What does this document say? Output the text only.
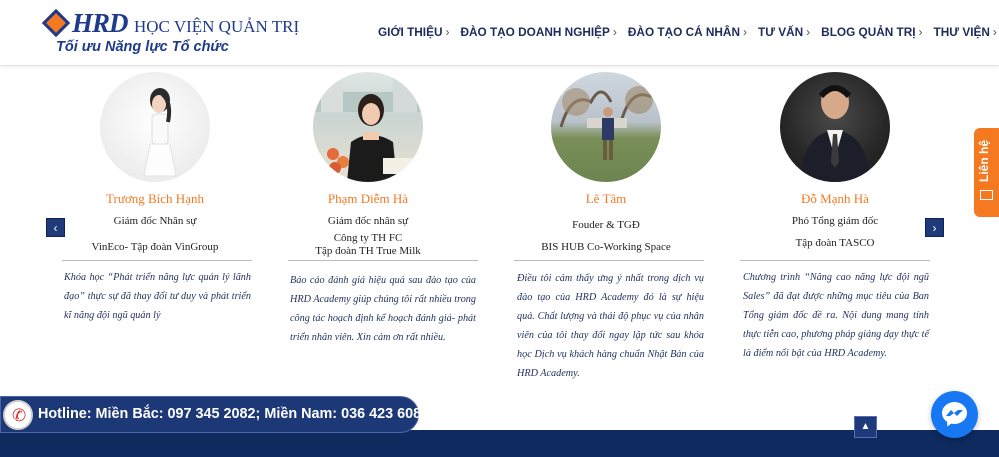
HRD HỌC VIỆN QUẢN TRỊ
Tối ưu Năng lực Tổ chức
GIỚI THIỆU › ĐÀO TẠO DOANH NGHIỆP › ĐÀO TẠO CÁ NHÂN › TƯ VẤN › BLOG QUẢN TRỊ › THƯ VIỆN ›
‹	›
Trương Bích Hạnh
Giám đốc Nhân sự
VinEco- Tập đoàn VinGroup
Phạm Diễm Hà
Giám đốc nhân sự
Công ty TH FC
Tập đoàn TH True Milk
Lê Tâm
Fouder & TGĐ
BIS HUB Co-Working Space
Đỗ Mạnh Hà
Phó Tổng giám đốc
Tập đoàn TASCO
Khóa học “Phát triển năng lực quản lý lãnh đạo” thực sự đã thay đổi tư duy và phát triển kĩ năng đội ngũ quản lý
Báo cáo đánh giá hiệu quả sau đào tạo của HRD Academy giúp chúng tôi rất nhiều trong công tác hoạch định kế hoạch đánh giá- phát triển nhân viên. Xin cảm ơn rất nhiều.
Điều tôi cảm thấy ưng ý nhất trong dịch vụ đào tạo của HRD Academy đó là sự hiệu quả. Chất lượng và thái độ phục vụ của nhân viên của tôi thay đổi ngay lập tức sau khóa học Dịch vụ khách hàng chuẩn Nhật Bản của HRD Academy.
Chương trình “Nâng cao năng lực đội ngũ Sales” đã đạt được những mục tiêu của Ban Tổng giám đốc đề ra. Nội dung mang tính thực tiễn cao, phương pháp giảng dạy thực tế là điểm nổi bật của HRD Academy.
Liên hệ
✆ Hotline: Miền Bắc: 097 345 2082; Miền Nam: 036 423 6082
▲
